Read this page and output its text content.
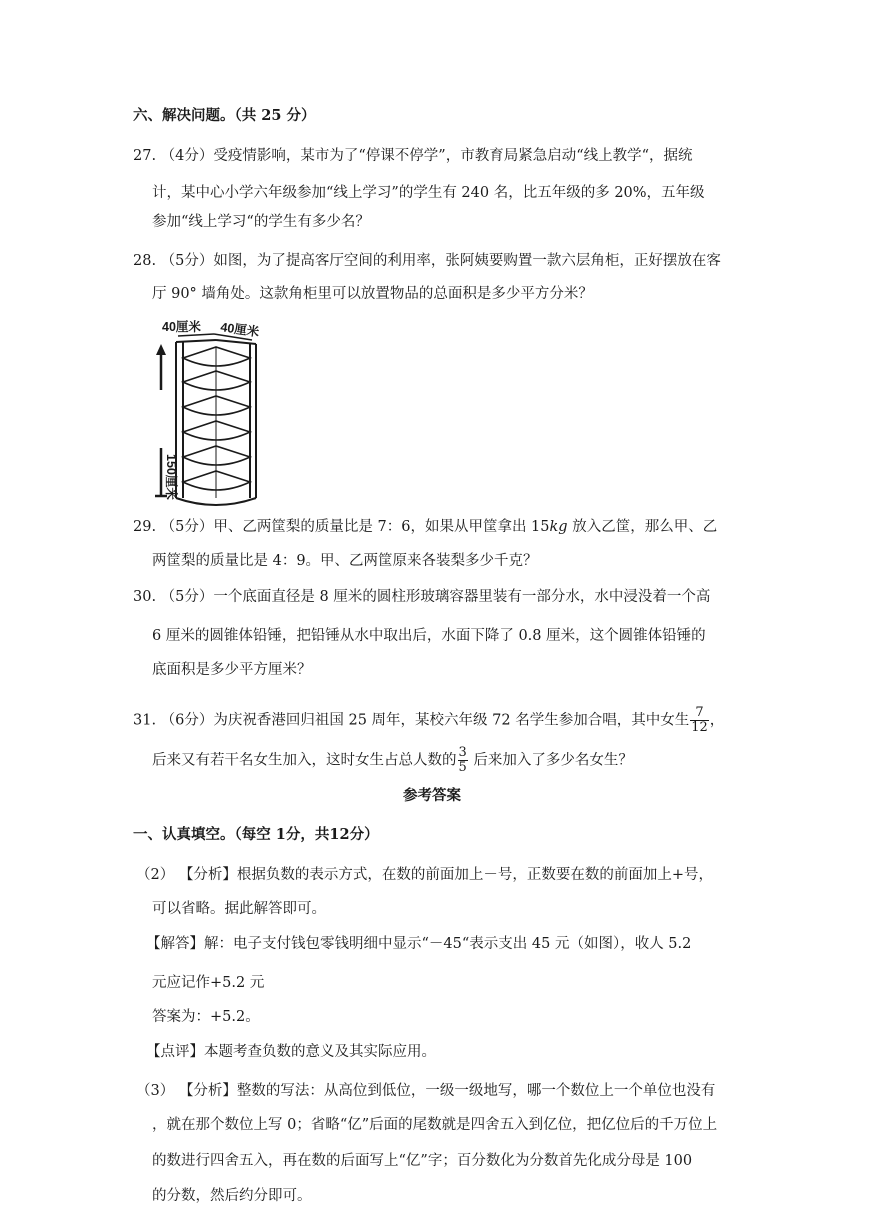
六、解决问题。（共 25 分）
27. （4分）受疫情影响，某市为了“停课不停学”，市教育局紧急启动“线上教学“，据统
计，某中心小学六年级参加“线上学习”的学生有 240 名，比五年级的多 20%，五年级
参加“线上学习“的学生有多少名？
28. （5分）如图，为了提高客厅空间的利用率，张阿姨要购置一款六层角柜，正好摆放在客
厅 90° 墙角处。这款角柜里可以放置物品的总面积是多少平方分米？
40厘米 40厘米
150厘米
29. （5分）甲、乙两筐梨的质量比是 7：6，如果从甲筐拿出 15kg 放入乙筐，那么甲、乙
两筐梨的质量比是 4：9。甲、乙两筐原来各装梨多少千克？
30. （5分）一个底面直径是 8 厘米的圆柱形玻璃容器里装有一部分水，水中浸没着一个高
6 厘米的圆锥体铅锤，把铅锤从水中取出后，水面下降了 0.8 厘米，这个圆锥体铅锤的
底面积是多少平方厘米？
31. （6分）为庆祝香港回归祖国 25 周年，某校六年级 72 名学生参加合唱，其中女生 $\frac{7}{12}$ ，
后来又有若干名女生加入，这时女生占总人数的 $\frac{3}{5}$ 后来加入了多少名女生？
参考答案
一、认真填空。（每空 1分，共12分）
（2） 【分析】根据负数的表示方式，在数的前面加上－号，正数要在数的前面加上+号，
可以省略。据此解答即可。
【解答】解：电子支付钱包零钱明细中显示“－45“表示支出 45 元（如图），收人 5.2
元应记作+5.2 元
答案为：+5.2。
【点评】本题考查负数的意义及其实际应用。
（3） 【分析】整数的写法：从高位到低位，一级一级地写，哪一个数位上一个单位也没有
，就在那个数位上写 0；省略“亿”后面的尾数就是四舍五入到亿位，把亿位后的千万位上
的数进行四舍五入，再在数的后面写上“亿”字；百分数化为分数首先化成分母是 100
的分数，然后约分即可。
